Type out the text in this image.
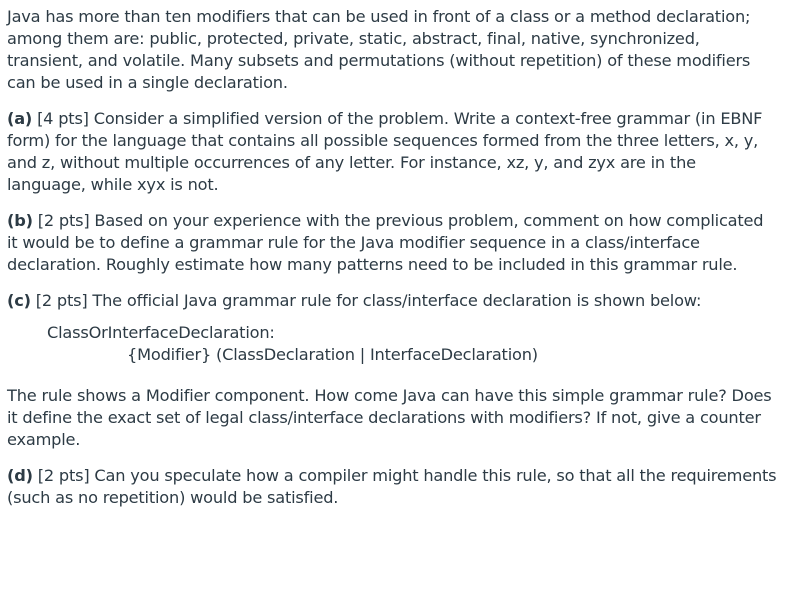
Java has more than ten modifiers that can be used in front of a class or a method declaration; among them are: public, protected, private, static, abstract, final, native, synchronized, transient, and volatile. Many subsets and permutations (without repetition) of these modifiers can be used in a single declaration.

(a) [4 pts] Consider a simplified version of the problem. Write a context-free grammar (in EBNF form) for the language that contains all possible sequences formed from the three letters, x, y, and z, without multiple occurrences of any letter. For instance, xz, y, and zyx are in the language, while xyx is not.

(b) [2 pts] Based on your experience with the previous problem, comment on how complicated it would be to define a grammar rule for the Java modifier sequence in a class/interface declaration. Roughly estimate how many patterns need to be included in this grammar rule.

(c) [2 pts] The official Java grammar rule for class/interface declaration is shown below:

ClassOrInterfaceDeclaration:
{Modifier} (ClassDeclaration | InterfaceDeclaration)

The rule shows a Modifier component. How come Java can have this simple grammar rule? Does it define the exact set of legal class/interface declarations with modifiers? If not, give a counter example.

(d) [2 pts] Can you speculate how a compiler might handle this rule, so that all the requirements (such as no repetition) would be satisfied.
